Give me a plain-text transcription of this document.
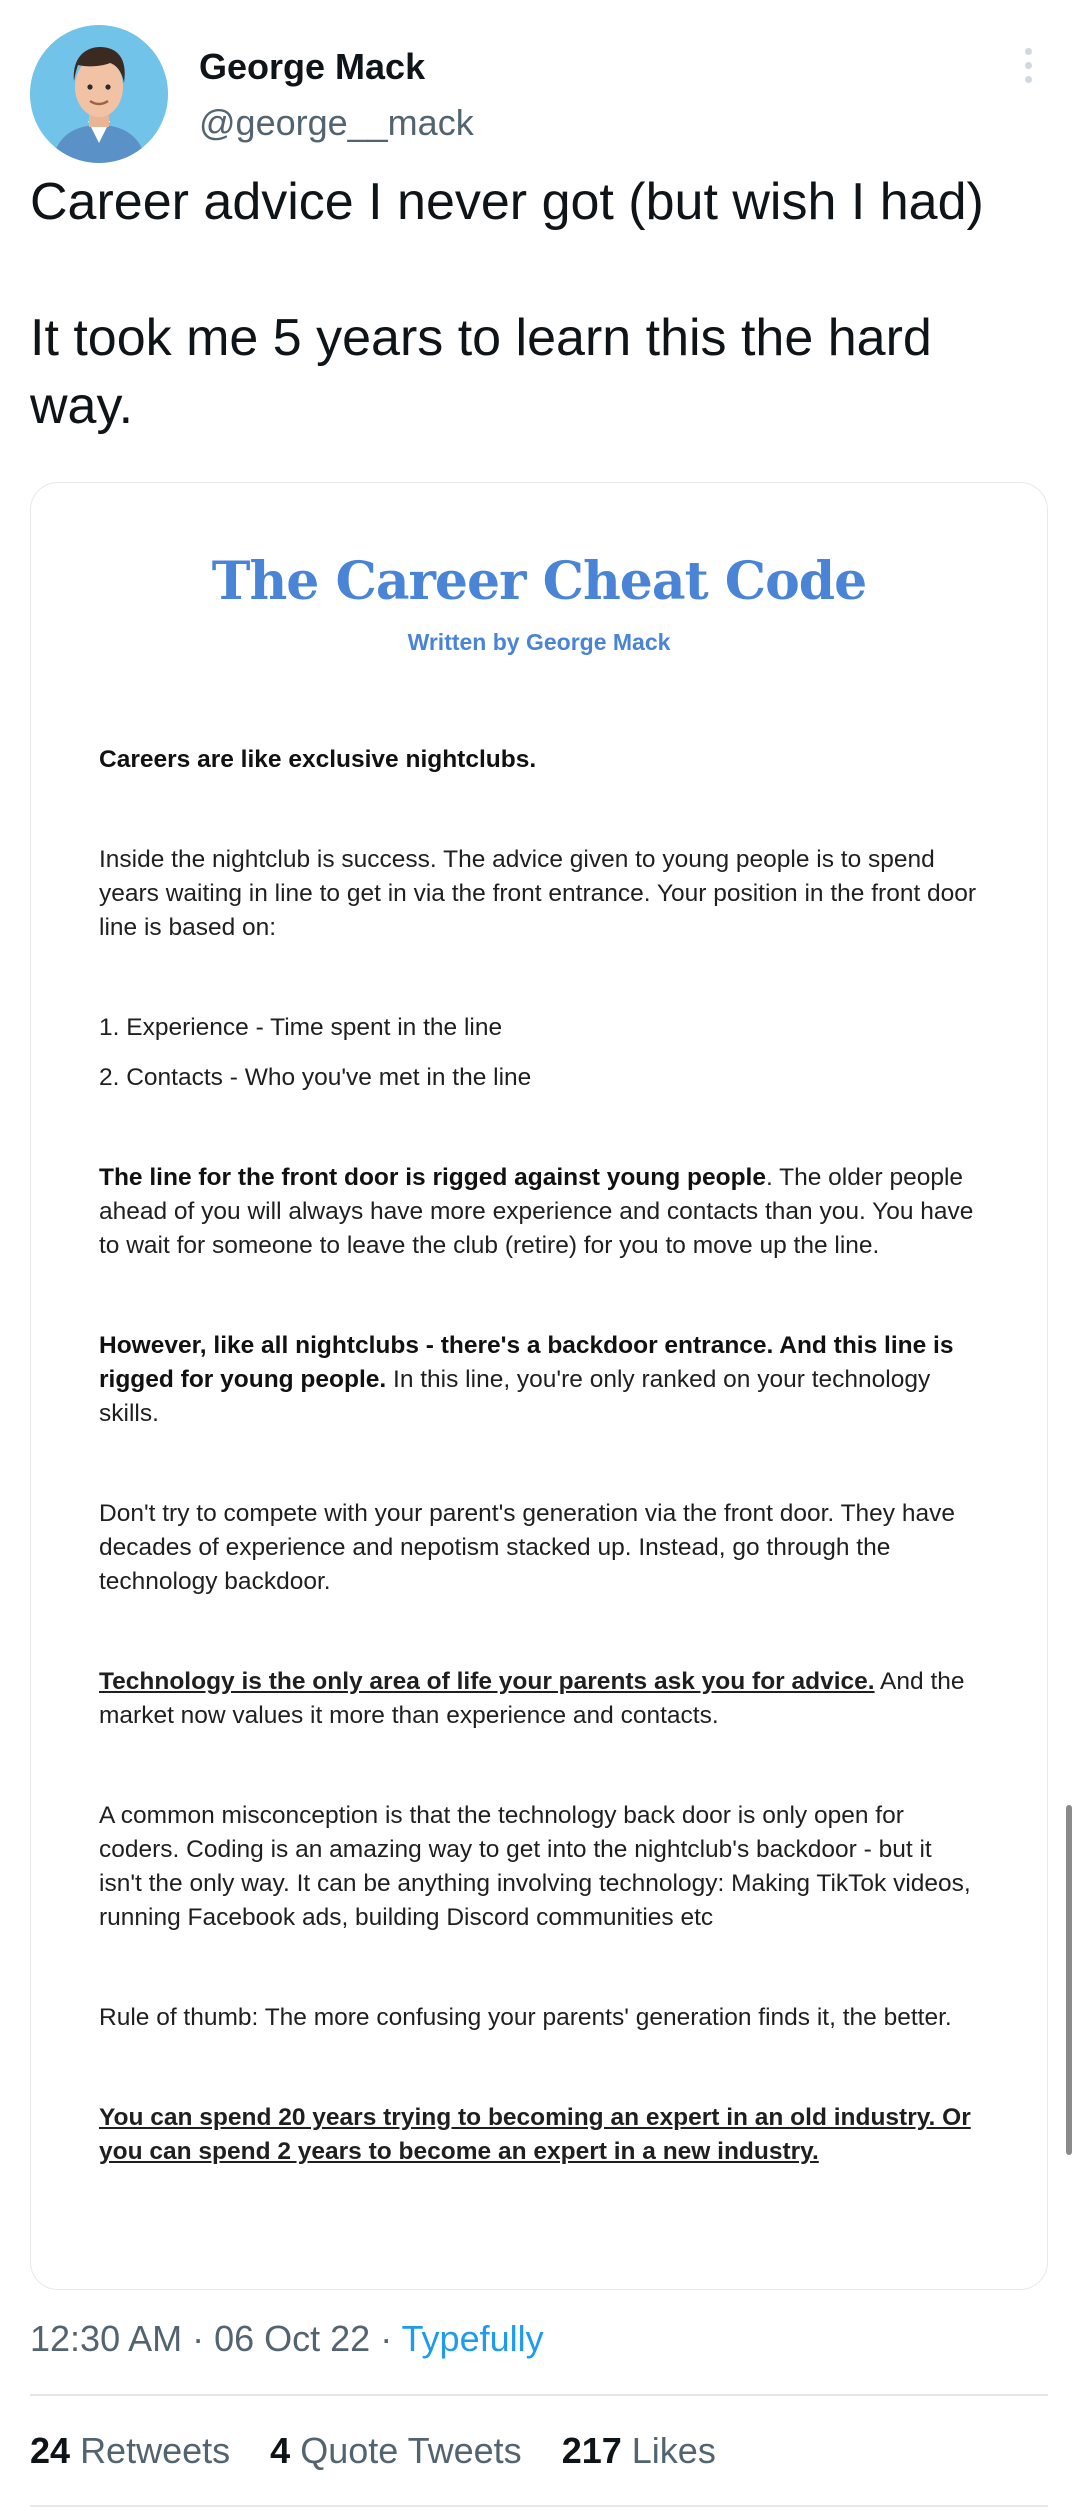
George Mack
@george__mack

Career advice I never got (but wish I had)

It took me 5 years to learn this the hard way.

The Career Cheat Code
Written by George Mack

Careers are like exclusive nightclubs.

Inside the nightclub is success. The advice given to young people is to spend years waiting in line to get in via the front entrance. Your position in the front door line is based on:

1. Experience - Time spent in the line

2. Contacts - Who you've met in the line

The line for the front door is rigged against young people. The older people ahead of you will always have more experience and contacts than you. You have to wait for someone to leave the club (retire) for you to move up the line.

However, like all nightclubs - there's a backdoor entrance. And this line is rigged for young people. In this line, you're only ranked on your technology skills.

Don't try to compete with your parent's generation via the front door. They have decades of experience and nepotism stacked up. Instead, go through the technology backdoor.

Technology is the only area of life your parents ask you for advice. And the market now values it more than experience and contacts.

A common misconception is that the technology back door is only open for coders. Coding is an amazing way to get into the nightclub's backdoor - but it isn't the only way. It can be anything involving technology: Making TikTok videos, running Facebook ads, building Discord communities etc

Rule of thumb: The more confusing your parents' generation finds it, the better.

You can spend 20 years trying to becoming an expert in an old industry. Or you can spend 2 years to become an expert in a new industry.

12:30 AM · 06 Oct 22 · Typefully
24 Retweets 4 Quote Tweets 217 Likes
